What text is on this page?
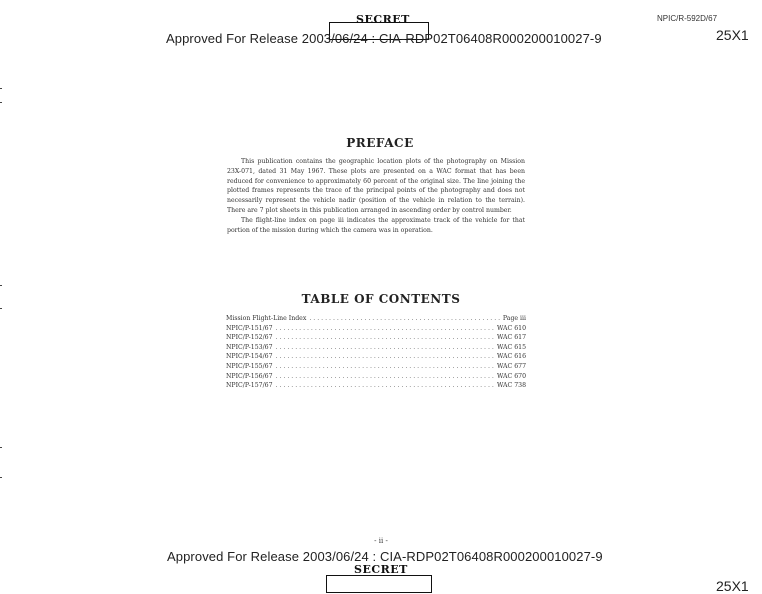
SECRET	NPIC/R-592D/67
Approved For Release 2003/06/24 : CIA-RDP02T06408R000200010027-9	25X1
PREFACE

This publication contains the geographic location plots of the photography on Mission 23X-071, dated 31 May 1967. These plots are presented on a WAC format that has been reduced for convenience to approximately 60 percent of the original size. The line joining the plotted frames represents the trace of the principal points of the photography and does not necessarily represent the vehicle nadir (position of the vehicle in relation to the terrain). There are 7 plot sheets in this publication arranged in ascending order by control number.

The flight-line index on page iii indicates the approximate track of the vehicle for that portion of the mission during which the camera was in operation.

TABLE OF CONTENTS
Mission Flight-Line Index . . .	Page iii
NPIC/P-151/67 . . .	WAC 610
NPIC/P-152/67 . . .	WAC 617
NPIC/P-153/67 . . .	WAC 615
NPIC/P-154/67 . . .	WAC 616
NPIC/P-155/67 . . .	WAC 677
NPIC/P-156/67 . . .	WAC 670
NPIC/P-157/67 . . .	WAC 738
- ii -
Approved For Release 2003/06/24 : CIA-RDP02T06408R000200010027-9
SECRET
25X1
